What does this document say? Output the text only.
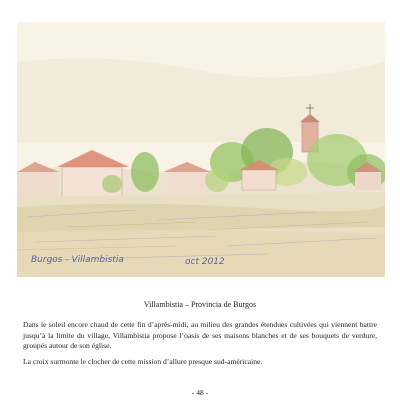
Burgos - Villambistia	oct 2012
Villambistia – Provincia de Burgos

Dans le soleil encore chaud de cette fin d’après-midi, au milieu des grandes étendues cultivées qui viennent battre jusqu’à la limite du village, Villambistia propose l’oasis de ses maisons blanches et de ses bouquets de verdure, groupés autour de son église.

La croix surmonte le clocher de cette mission d’allure presque sud-américaine.

- 48 -
